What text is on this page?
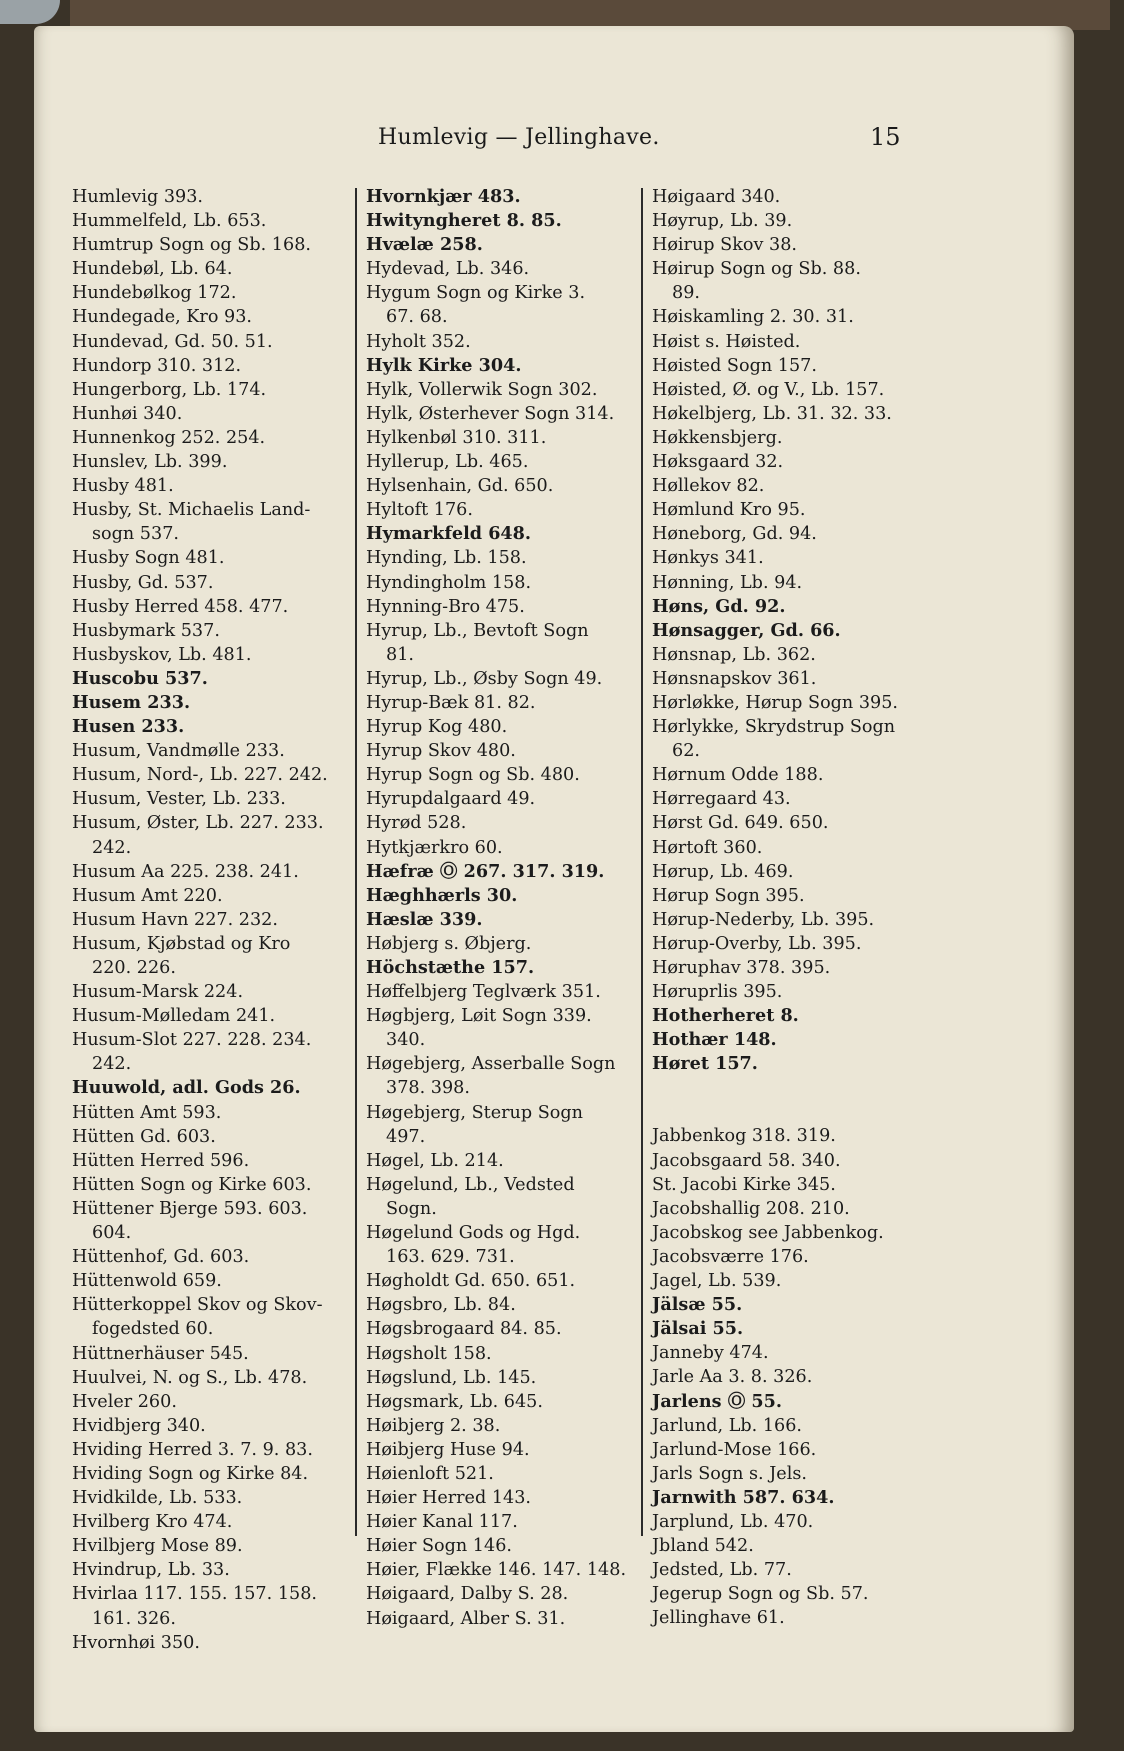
Humlevig — Jellinghave.	15
Humlevig 393.
Hummelfeld, Lb. 653.
Humtrup Sogn og Sb. 168.
Hundebøl, Lb. 64.
Hundebølkog 172.
Hundegade, Kro 93.
Hundevad, Gd. 50. 51.
Hundorp 310. 312.
Hungerborg, Lb. 174.
Hunhøi 340.
Hunnenkog 252. 254.
Hunslev, Lb. 399.
Husby 481.
Husby, St. Michaelis Land-
sogn 537.
Husby Sogn 481.
Husby, Gd. 537.
Husby Herred 458. 477.
Husbymark 537.
Husbyskov, Lb. 481.
Huscobu 537.
Husem 233.
Husen 233.
Husum, Vandmølle 233.
Husum, Nord-, Lb. 227. 242.
Husum, Vester, Lb. 233.
Husum, Øster, Lb. 227. 233.
242.
Husum Aa 225. 238. 241.
Husum Amt 220.
Husum Havn 227. 232.
Husum, Kjøbstad og Kro
220. 226.
Husum-Marsk 224.
Husum-Mølledam 241.
Husum-Slot 227. 228. 234.
242.
Huuwold, adl. Gods 26.
Hütten Amt 593.
Hütten Gd. 603.
Hütten Herred 596.
Hütten Sogn og Kirke 603.
Hüttener Bjerge 593. 603.
604.
Hüttenhof, Gd. 603.
Hüttenwold 659.
Hütterkoppel Skov og Skov-
fogedsted 60.
Hüttnerhäuser 545.
Huulvei, N. og S., Lb. 478.
Hveler 260.
Hvidbjerg 340.
Hviding Herred 3. 7. 9. 83.
Hviding Sogn og Kirke 84.
Hvidkilde, Lb. 533.
Hvilberg Kro 474.
Hvilbjerg Mose 89.
Hvindrup, Lb. 33.
Hvirlaa 117. 155. 157. 158.
161. 326.
Hvornhøi 350.
Hvornkjær 483.
Hwityngheret 8. 85.
Hvælæ 258.
Hydevad, Lb. 346.
Hygum Sogn og Kirke 3.
67. 68.
Hyholt 352.
Hylk Kirke 304.
Hylk, Vollerwik Sogn 302.
Hylk, Østerhever Sogn 314.
Hylkenbøl 310. 311.
Hyllerup, Lb. 465.
Hylsenhain, Gd. 650.
Hyltoft 176.
Hymarkfeld 648.
Hynding, Lb. 158.
Hyndingholm 158.
Hynning-Bro 475.
Hyrup, Lb., Bevtoft Sogn
81.
Hyrup, Lb., Øsby Sogn 49.
Hyrup-Bæk 81. 82.
Hyrup Kog 480.
Hyrup Skov 480.
Hyrup Sogn og Sb. 480.
Hyrupdalgaard 49.
Hyrød 528.
Hytkjærkro 60.
Hæfræ Ⓞ 267. 317. 319.
Hæghhærls 30.
Hæslæ 339.
Høbjerg s. Øbjerg.
Höchstæthe 157.
Høffelbjerg Teglværk 351.
Høgbjerg, Løit Sogn 339.
340.
Høgebjerg, Asserballe Sogn
378. 398.
Høgebjerg, Sterup Sogn
497.
Høgel, Lb. 214.
Høgelund, Lb., Vedsted
Sogn.
Høgelund Gods og Hgd.
163. 629. 731.
Høgholdt Gd. 650. 651.
Høgsbro, Lb. 84.
Høgsbrogaard 84. 85.
Høgsholt 158.
Høgslund, Lb. 145.
Høgsmark, Lb. 645.
Høibjerg 2. 38.
Høibjerg Huse 94.
Høienloft 521.
Høier Herred 143.
Høier Kanal 117.
Høier Sogn 146.
Høier, Flække 146. 147. 148.
Høigaard, Dalby S. 28.
Høigaard, Alber S. 31.
Høigaard 340.
Høyrup, Lb. 39.
Høirup Skov 38.
Høirup Sogn og Sb. 88.
89.
Høiskamling 2. 30. 31.
Høist s. Høisted.
Høisted Sogn 157.
Høisted, Ø. og V., Lb. 157.
Høkelbjerg, Lb. 31. 32. 33.
Høkkensbjerg.
Høksgaard 32.
Høllekov 82.
Hømlund Kro 95.
Høneborg, Gd. 94.
Hønkys 341.
Hønning, Lb. 94.
Høns, Gd. 92.
Hønsagger, Gd. 66.
Hønsnap, Lb. 362.
Hønsnapskov 361.
Hørløkke, Hørup Sogn 395.
Hørlykke, Skrydstrup Sogn
62.
Hørnum Odde 188.
Hørregaard 43.
Hørst Gd. 649. 650.
Hørtoft 360.
Hørup, Lb. 469.
Hørup Sogn 395.
Hørup-Nederby, Lb. 395.
Hørup-Overby, Lb. 395.
Høruphav 378. 395.
Høruprlis 395.
Hotherheret 8.
Hothær 148.
Høret 157.
Jabbenkog 318. 319.
Jacobsgaard 58. 340.
St. Jacobi Kirke 345.
Jacobshallig 208. 210.
Jacobskog see Jabbenkog.
Jacobsværre 176.
Jagel, Lb. 539.
Jälsæ 55.
Jälsai 55.
Janneby 474.
Jarle Aa 3. 8. 326.
Jarlens Ⓞ 55.
Jarlund, Lb. 166.
Jarlund-Mose 166.
Jarls Sogn s. Jels.
Jarnwith 587. 634.
Jarplund, Lb. 470.
Jbland 542.
Jedsted, Lb. 77.
Jegerup Sogn og Sb. 57.
Jellinghave 61.
